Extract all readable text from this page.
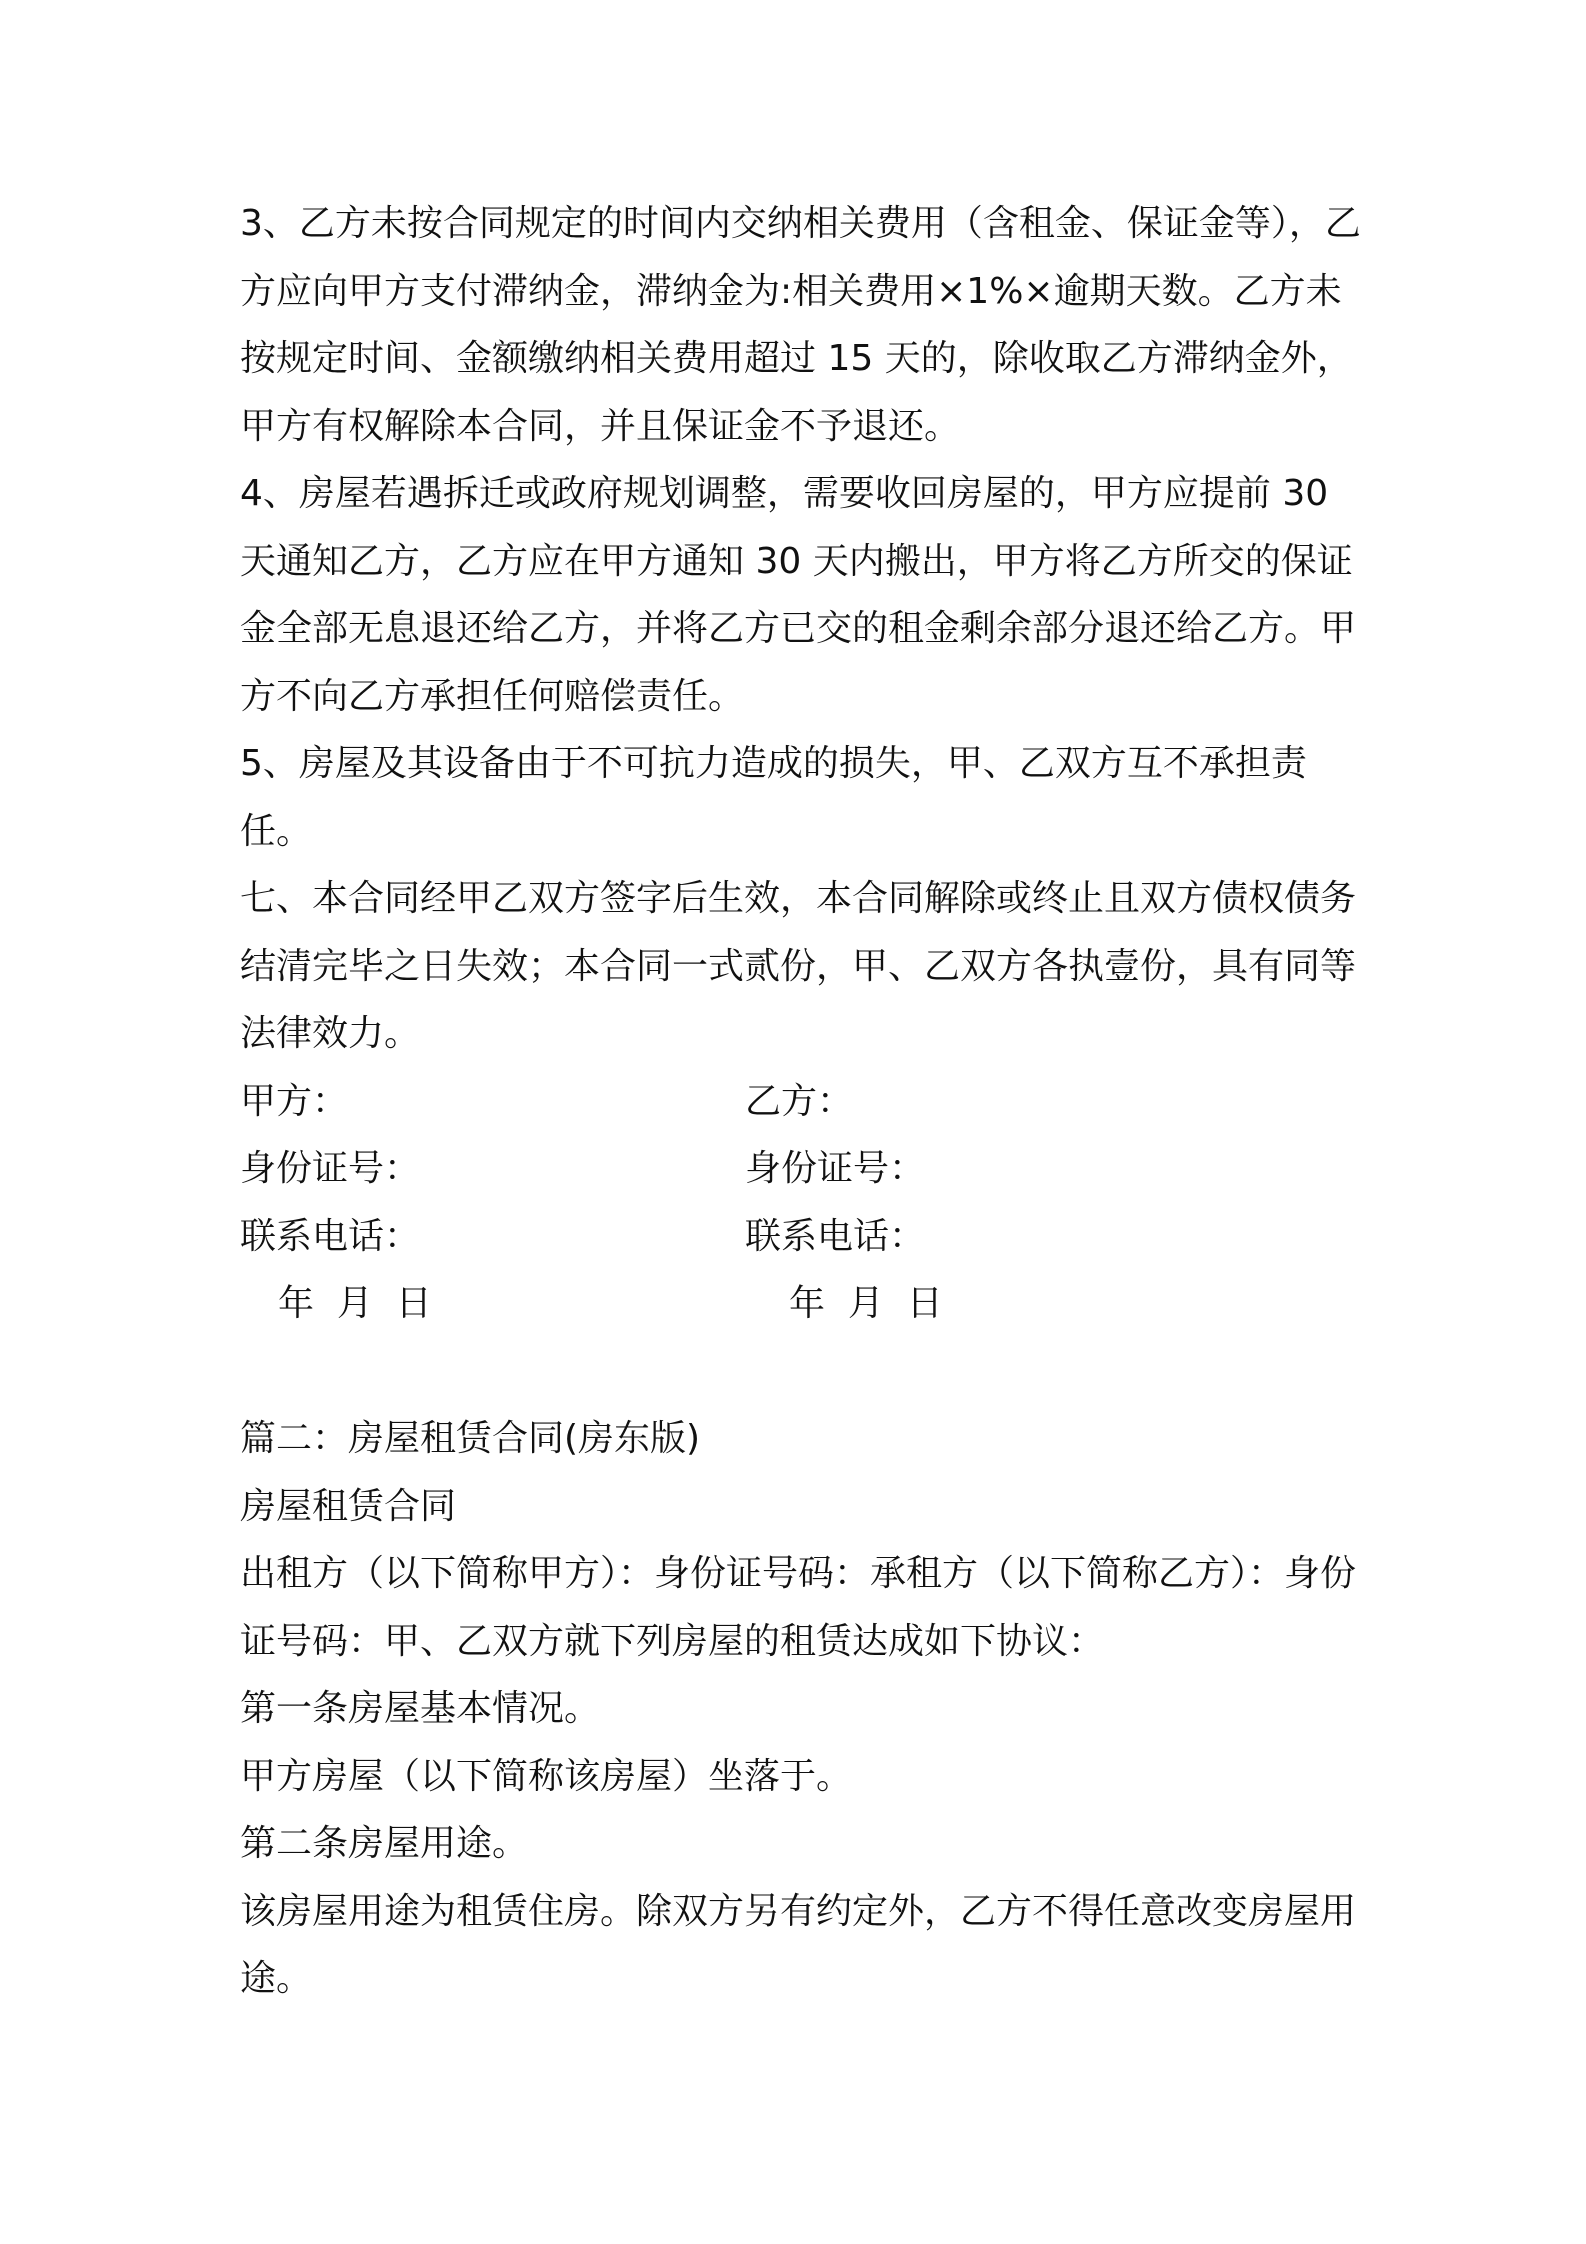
3、乙方未按合同规定的时间内交纳相关费用（含租金、保证金等），乙方应向甲方支付滞纳金，滞纳金为:相关费用×1%×逾期天数。乙方未按规定时间、金额缴纳相关费用超过 15 天的，除收取乙方滞纳金外，甲方有权解除本合同，并且保证金不予退还。

4、房屋若遇拆迁或政府规划调整，需要收回房屋的，甲方应提前 30 天通知乙方，乙方应在甲方通知 30 天内搬出，甲方将乙方所交的保证金全部无息退还给乙方，并将乙方已交的租金剩余部分退还给乙方。甲方不向乙方承担任何赔偿责任。

5、房屋及其设备由于不可抗力造成的损失，甲、乙双方互不承担责任。

七、本合同经甲乙双方签字后生效，本合同解除或终止且双方债权债务结清完毕之日失效；本合同一式贰份，甲、乙双方各执壹份，具有同等法律效力。

甲方：	乙方：
身份证号：	身份证号：
联系电话：	联系电话：
年  月  日	年  月  日

篇二：房屋租赁合同(房东版)

房屋租赁合同

出租方（以下简称甲方）：身份证号码：承租方（以下简称乙方）：身份证号码：甲、乙双方就下列房屋的租赁达成如下协议：

第一条房屋基本情况。

甲方房屋（以下简称该房屋）坐落于。

第二条房屋用途。

该房屋用途为租赁住房。除双方另有约定外，乙方不得任意改变房屋用途。
